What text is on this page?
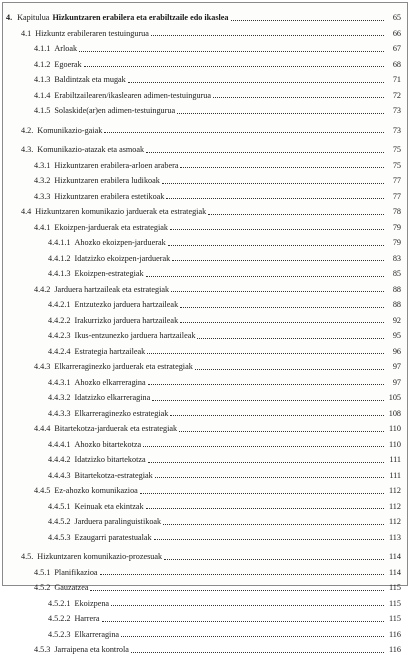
4. Kapitulua Hizkuntzaren erabilera eta erabiltzaile edo ikaslea	65
4.1 Hizkuntz erabileraren testuingurua	66
4.1.1 Arloak	67
4.1.2 Egoerak	68
4.1.3 Baldintzak eta mugak	71
4.1.4 Erabiltzailearen/ikaslearen adimen-testuingurua	72
4.1.5 Solaskide(ar)en adimen-testuingurua	73
4.2. Komunikazio-gaiak	73
4.3. Komunikazio-atazak eta asmoak	75
4.3.1 Hizkuntzaren erabilera-arloen arabera	75
4.3.2 Hizkuntzaren erabilera ludikoak	77
4.3.3 Hizkuntzaren erabilera estetikoak	77
4.4 Hizkuntzaren komunikazio jarduerak eta estrategiak	78
4.4.1 Ekoizpen-jarduerak eta estrategiak	79
4.4.1.1 Ahozko ekoizpen-jarduerak	79
4.4.1.2 Idatzizko ekoizpen-jarduerak	83
4.4.1.3 Ekoizpen-estrategiak	85
4.4.2 Jarduera hartzaileak eta estrategiak	88
4.4.2.1 Entzutezko jarduera hartzaileak	88
4.4.2.2 Irakurrizko jarduera hartzaileak	92
4.4.2.3 Ikus-entzunezko jarduera hartzaileak	95
4.4.2.4 Estrategia hartzaileak	96
4.4.3 Elkarreraginezko jarduerak eta estrategiak	97
4.4.3.1 Ahozko elkarreragina	97
4.4.3.2 Idatzizko elkarreragina	105
4.4.3.3 Elkarreraginezko estrategiak	108
4.4.4 Bitartekotza-jarduerak eta estrategiak	110
4.4.4.1 Ahozko bitartekotza	110
4.4.4.2 Idatzizko bitartekotza	111
4.4.4.3 Bitartekotza-estrategiak	111
4.4.5 Ez-ahozko komunikazioa	112
4.4.5.1 Keinuak eta ekintzak	112
4.4.5.2 Jarduera paralinguistikoak	112
4.4.5.3 Ezaugarri paratestualak	113
4.5. Hizkuntzaren komunikazio-prozesuak	114
4.5.1 Planifikazioa	114
4.5.2 Gauzatzea	115
4.5.2.1 Ekoizpena	115
4.5.2.2 Harrera	115
4.5.2.3 Elkarreragina	116
4.5.3 Jarraipena eta kontrola	116
